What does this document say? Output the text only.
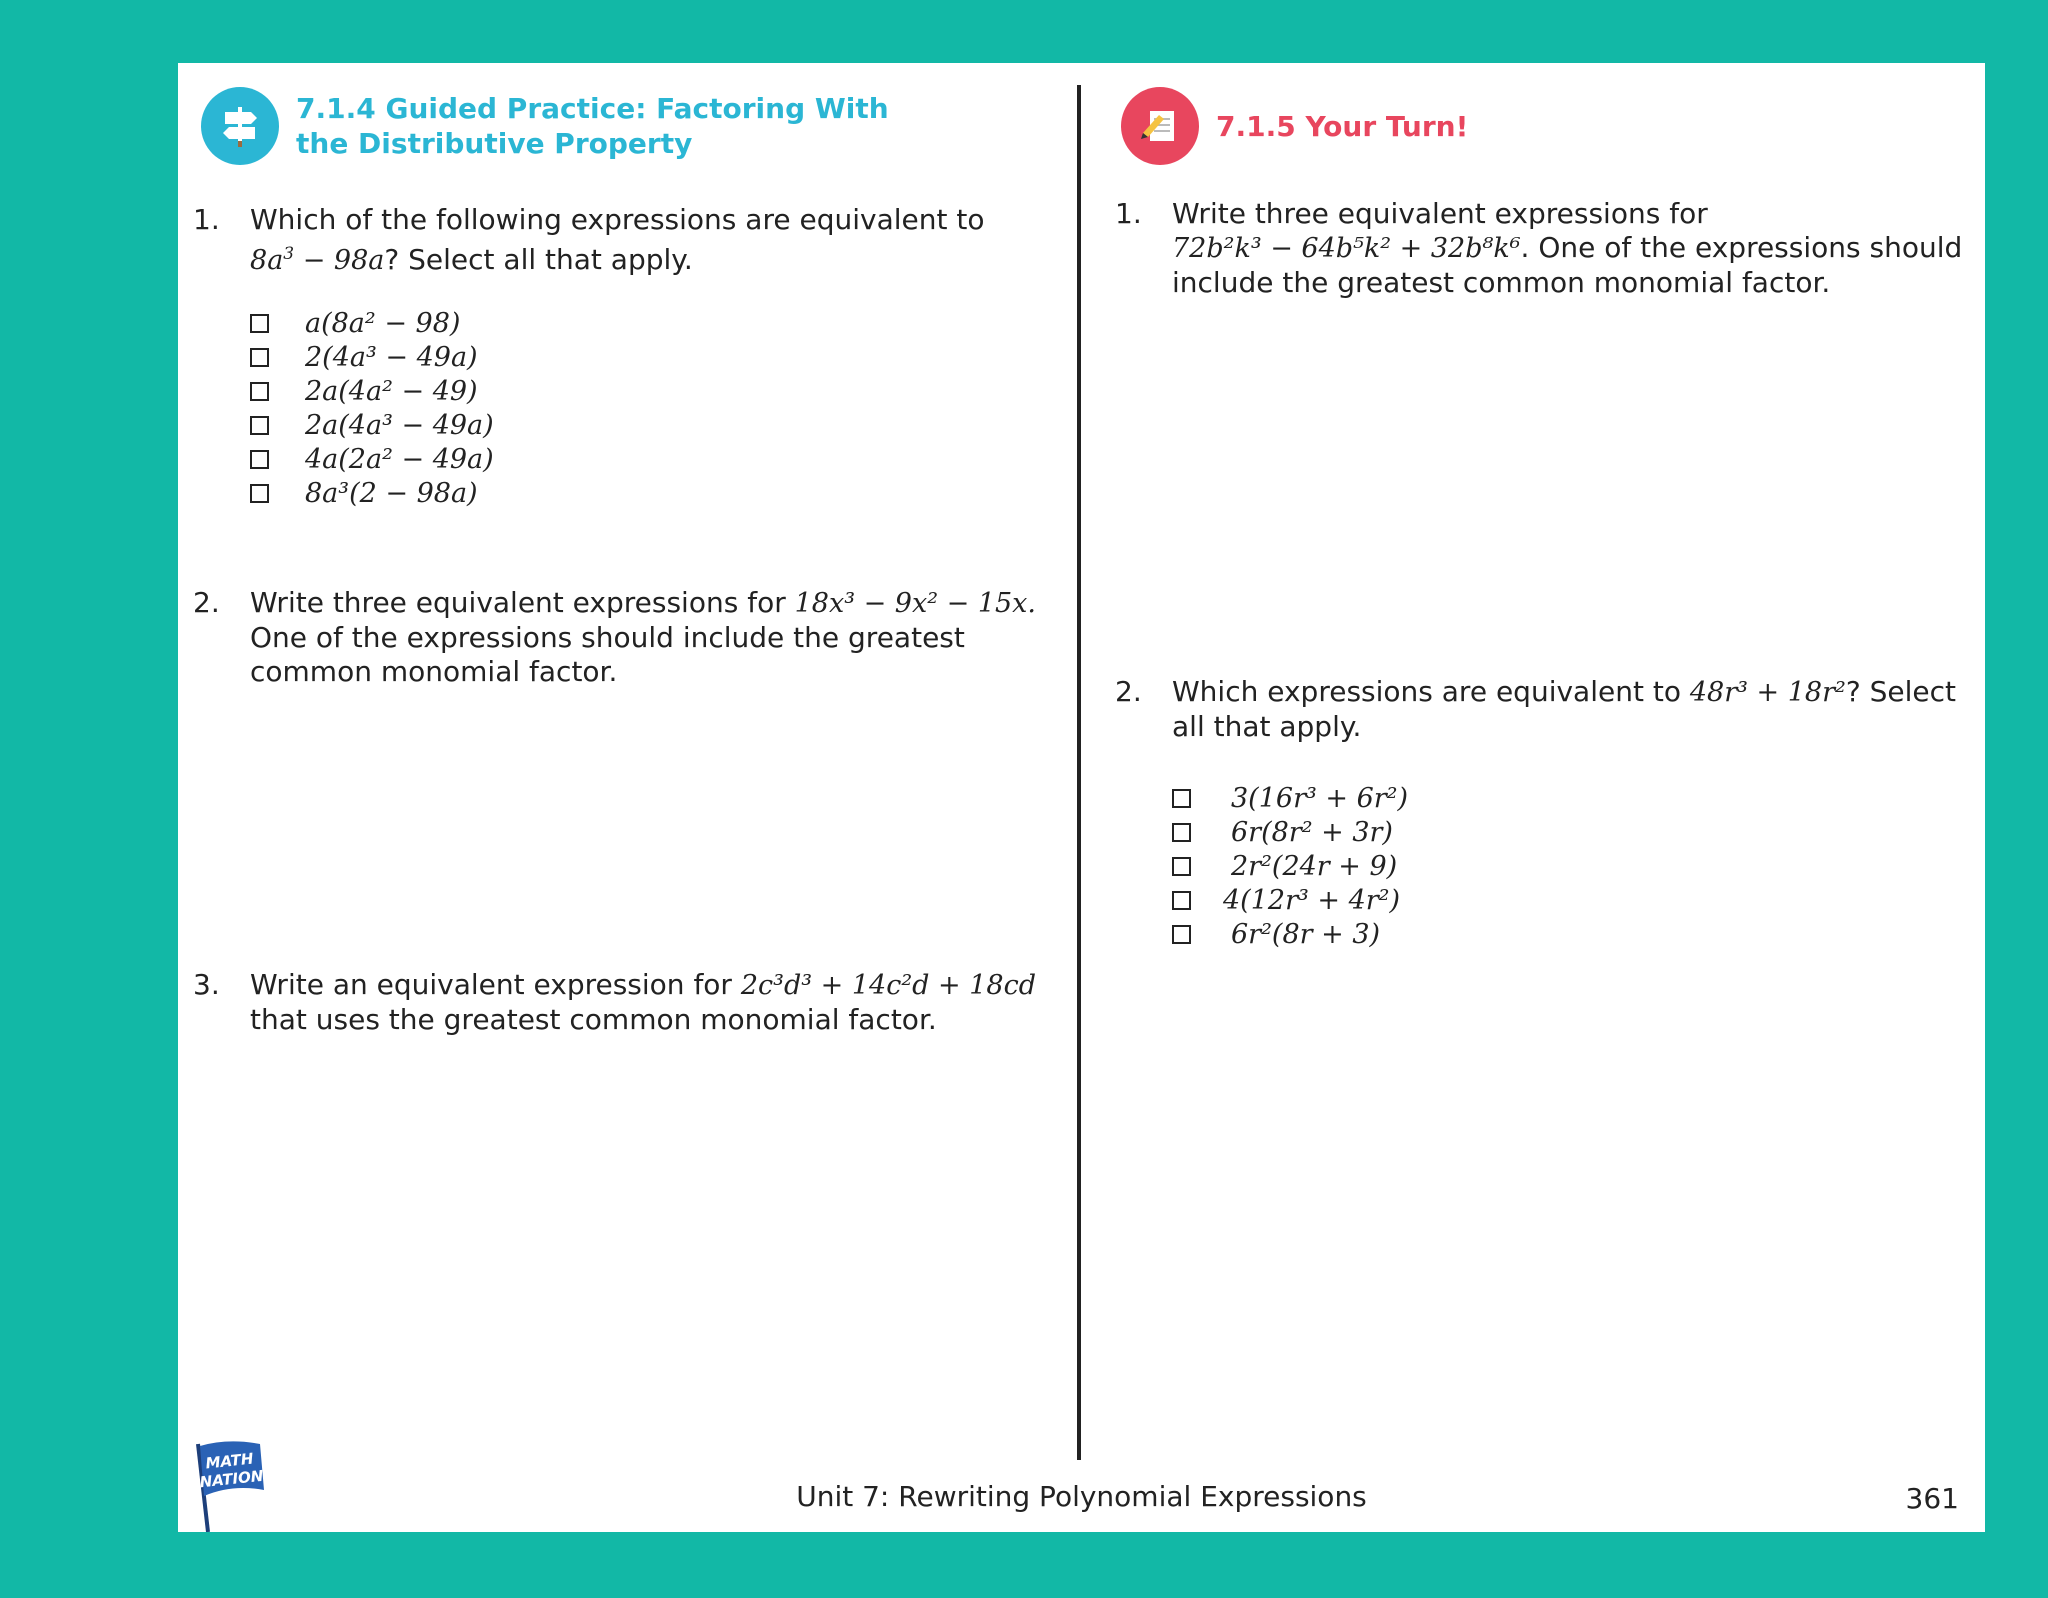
7.1.4 Guided Practice: Factoring With
the Distributive Property
1.	Which of the following expressions are equivalent to
$8a^3 - 98a$? Select all that apply.
a(8a² − 98)
2(4a³ − 49a)
2a(4a² − 49)
2a(4a³ − 49a)
4a(2a² − 49a)
8a³(2 − 98a)
2.	Write three equivalent expressions for 18x³ − 9x² − 15x.
One of the expressions should include the greatest common monomial factor.
3.	Write an equivalent expression for 2c³d³ + 14c²d + 18cd
that uses the greatest common monomial factor.
7.1.5 Your Turn!
1.	Write three equivalent expressions for
72b²k³ − 64b⁵k² + 32b⁸k⁶. One of the expressions should include the greatest common monomial factor.
2.	Which expressions are equivalent to 48r³ + 18r²? Select all that apply.
3(16r³ + 6r²)
6r(8r² + 3r)
2r²(24r + 9)
4(12r³ + 4r²)
6r²(8r + 3)
MATH
NATION
Unit 7: Rewriting Polynomial Expressions	361
